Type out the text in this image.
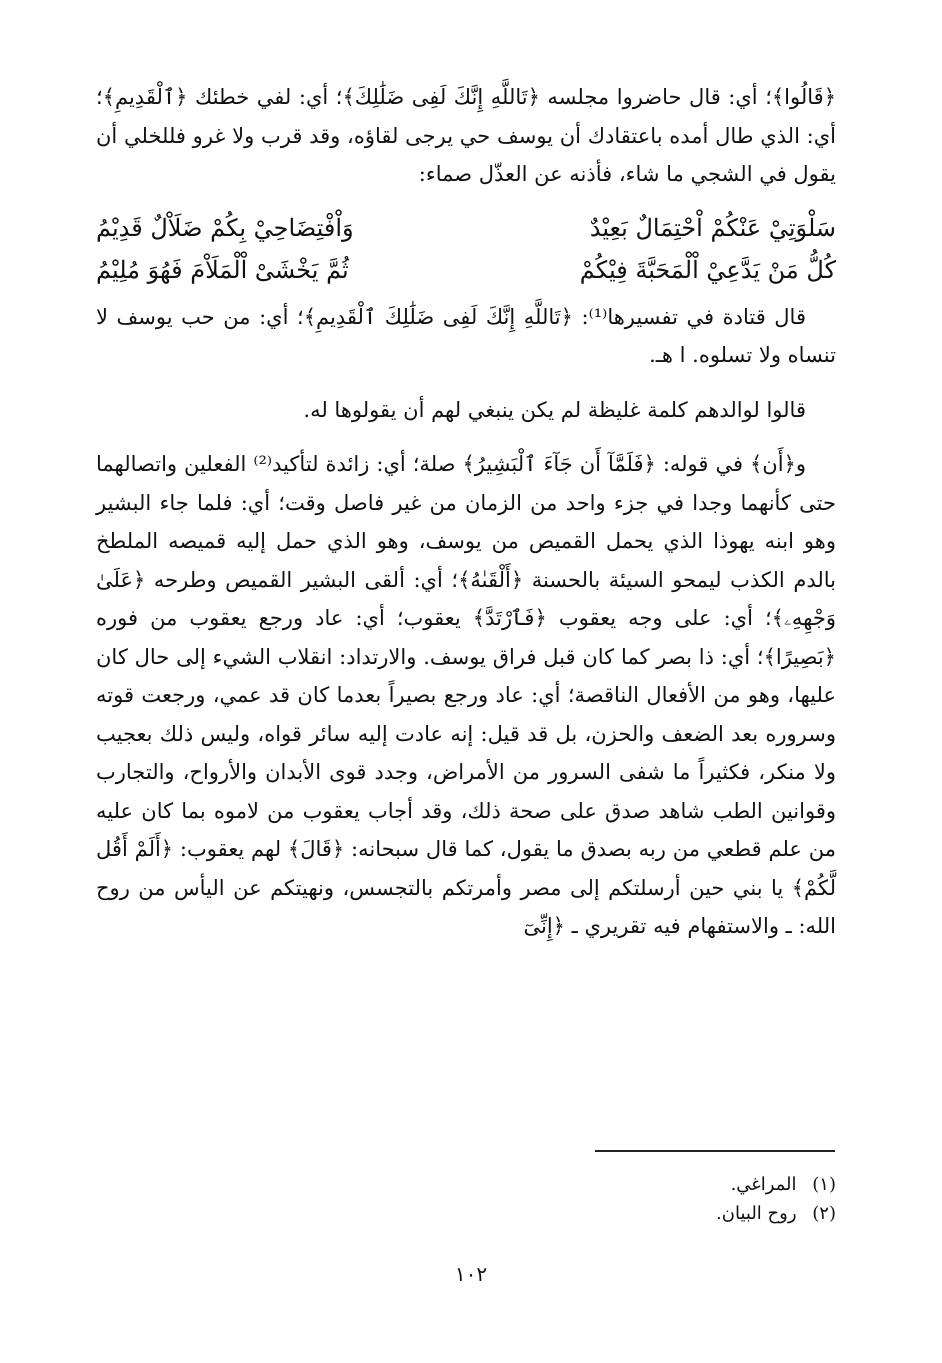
﴿قَالُوا﴾؛ أي: قال حاضروا مجلسه ﴿تَاللَّهِ إِنَّكَ لَفِى ضَلَٰلِكَ﴾؛ أي: لفي خطئك ﴿ٱلْقَدِيمِ﴾؛ أي: الذي طال أمده باعتقادك أن يوسف حي يرجى لقاؤه، وقد قرب ولا غرو فللخلي أن يقول في الشجي ما شاء، فأذنه عن العذّل صماء:

سَلْوَتِيْ عَنْكُمْ اْحْتِمَالٌ بَعِيْدٌ
وَاْفْتِضَاحِيْ بِكُمْ ضَلَاْلٌ قَدِيْمُ
كُلُّ مَنْ يَدَّعِيْ اْلْمَحَبَّةَ فِيْكُمْ
ثُمَّ يَخْشَىْ اْلْمَلَاْمَ فَهُوَ مُلِيْمُ

قال قتادة في تفسيرها⁽¹⁾: ﴿تَاللَّهِ إِنَّكَ لَفِى ضَلَٰلِكَ ٱلْقَدِيمِ﴾؛ أي: من حب يوسف لا تنساه ولا تسلوه. ا هـ.

قالوا لوالدهم كلمة غليظة لم يكن ينبغي لهم أن يقولوها له.

و﴿أَن﴾ في قوله: ﴿فَلَمَّآ أَن جَآءَ ٱلْبَشِيرُ﴾ صلة؛ أي: زائدة لتأكيد⁽²⁾ الفعلين واتصالهما حتى كأنهما وجدا في جزء واحد من الزمان من غير فاصل وقت؛ أي: فلما جاء البشير وهو ابنه يهوذا الذي يحمل القميص من يوسف، وهو الذي حمل إليه قميصه الملطخ بالدم الكذب ليمحو السيئة بالحسنة ﴿أَلْقَىٰهُ﴾؛ أي: ألقى البشير القميص وطرحه ﴿عَلَىٰ وَجْهِهِۦ﴾؛ أي: على وجه يعقوب ﴿فَٱرْتَدَّ﴾ يعقوب؛ أي: عاد ورجع يعقوب من فوره ﴿بَصِيرًا﴾؛ أي: ذا بصر كما كان قبل فراق يوسف. والارتداد: انقلاب الشيء إلى حال كان عليها، وهو من الأفعال الناقصة؛ أي: عاد ورجع بصيراً بعدما كان قد عمي، ورجعت قوته وسروره بعد الضعف والحزن، بل قد قيل: إنه عادت إليه سائر قواه، وليس ذلك بعجيب ولا منكر، فكثيراً ما شفى السرور من الأمراض، وجدد قوى الأبدان والأرواح، والتجارب وقوانين الطب شاهد صدق على صحة ذلك، وقد أجاب يعقوب من لاموه بما كان عليه من علم قطعي من ربه بصدق ما يقول، كما قال سبحانه: ﴿قَالَ﴾ لهم يعقوب: ﴿أَلَمْ أَقُل لَّكُمْ﴾ يا بني حين أرسلتكم إلى مصر وأمرتكم بالتجسس، ونهيتكم عن اليأس من روح الله: ـ والاستفهام فيه تقريري ـ ﴿إِنِّىٓ

(١) المراغي.
(٢) روح البيان.
١٠٢
